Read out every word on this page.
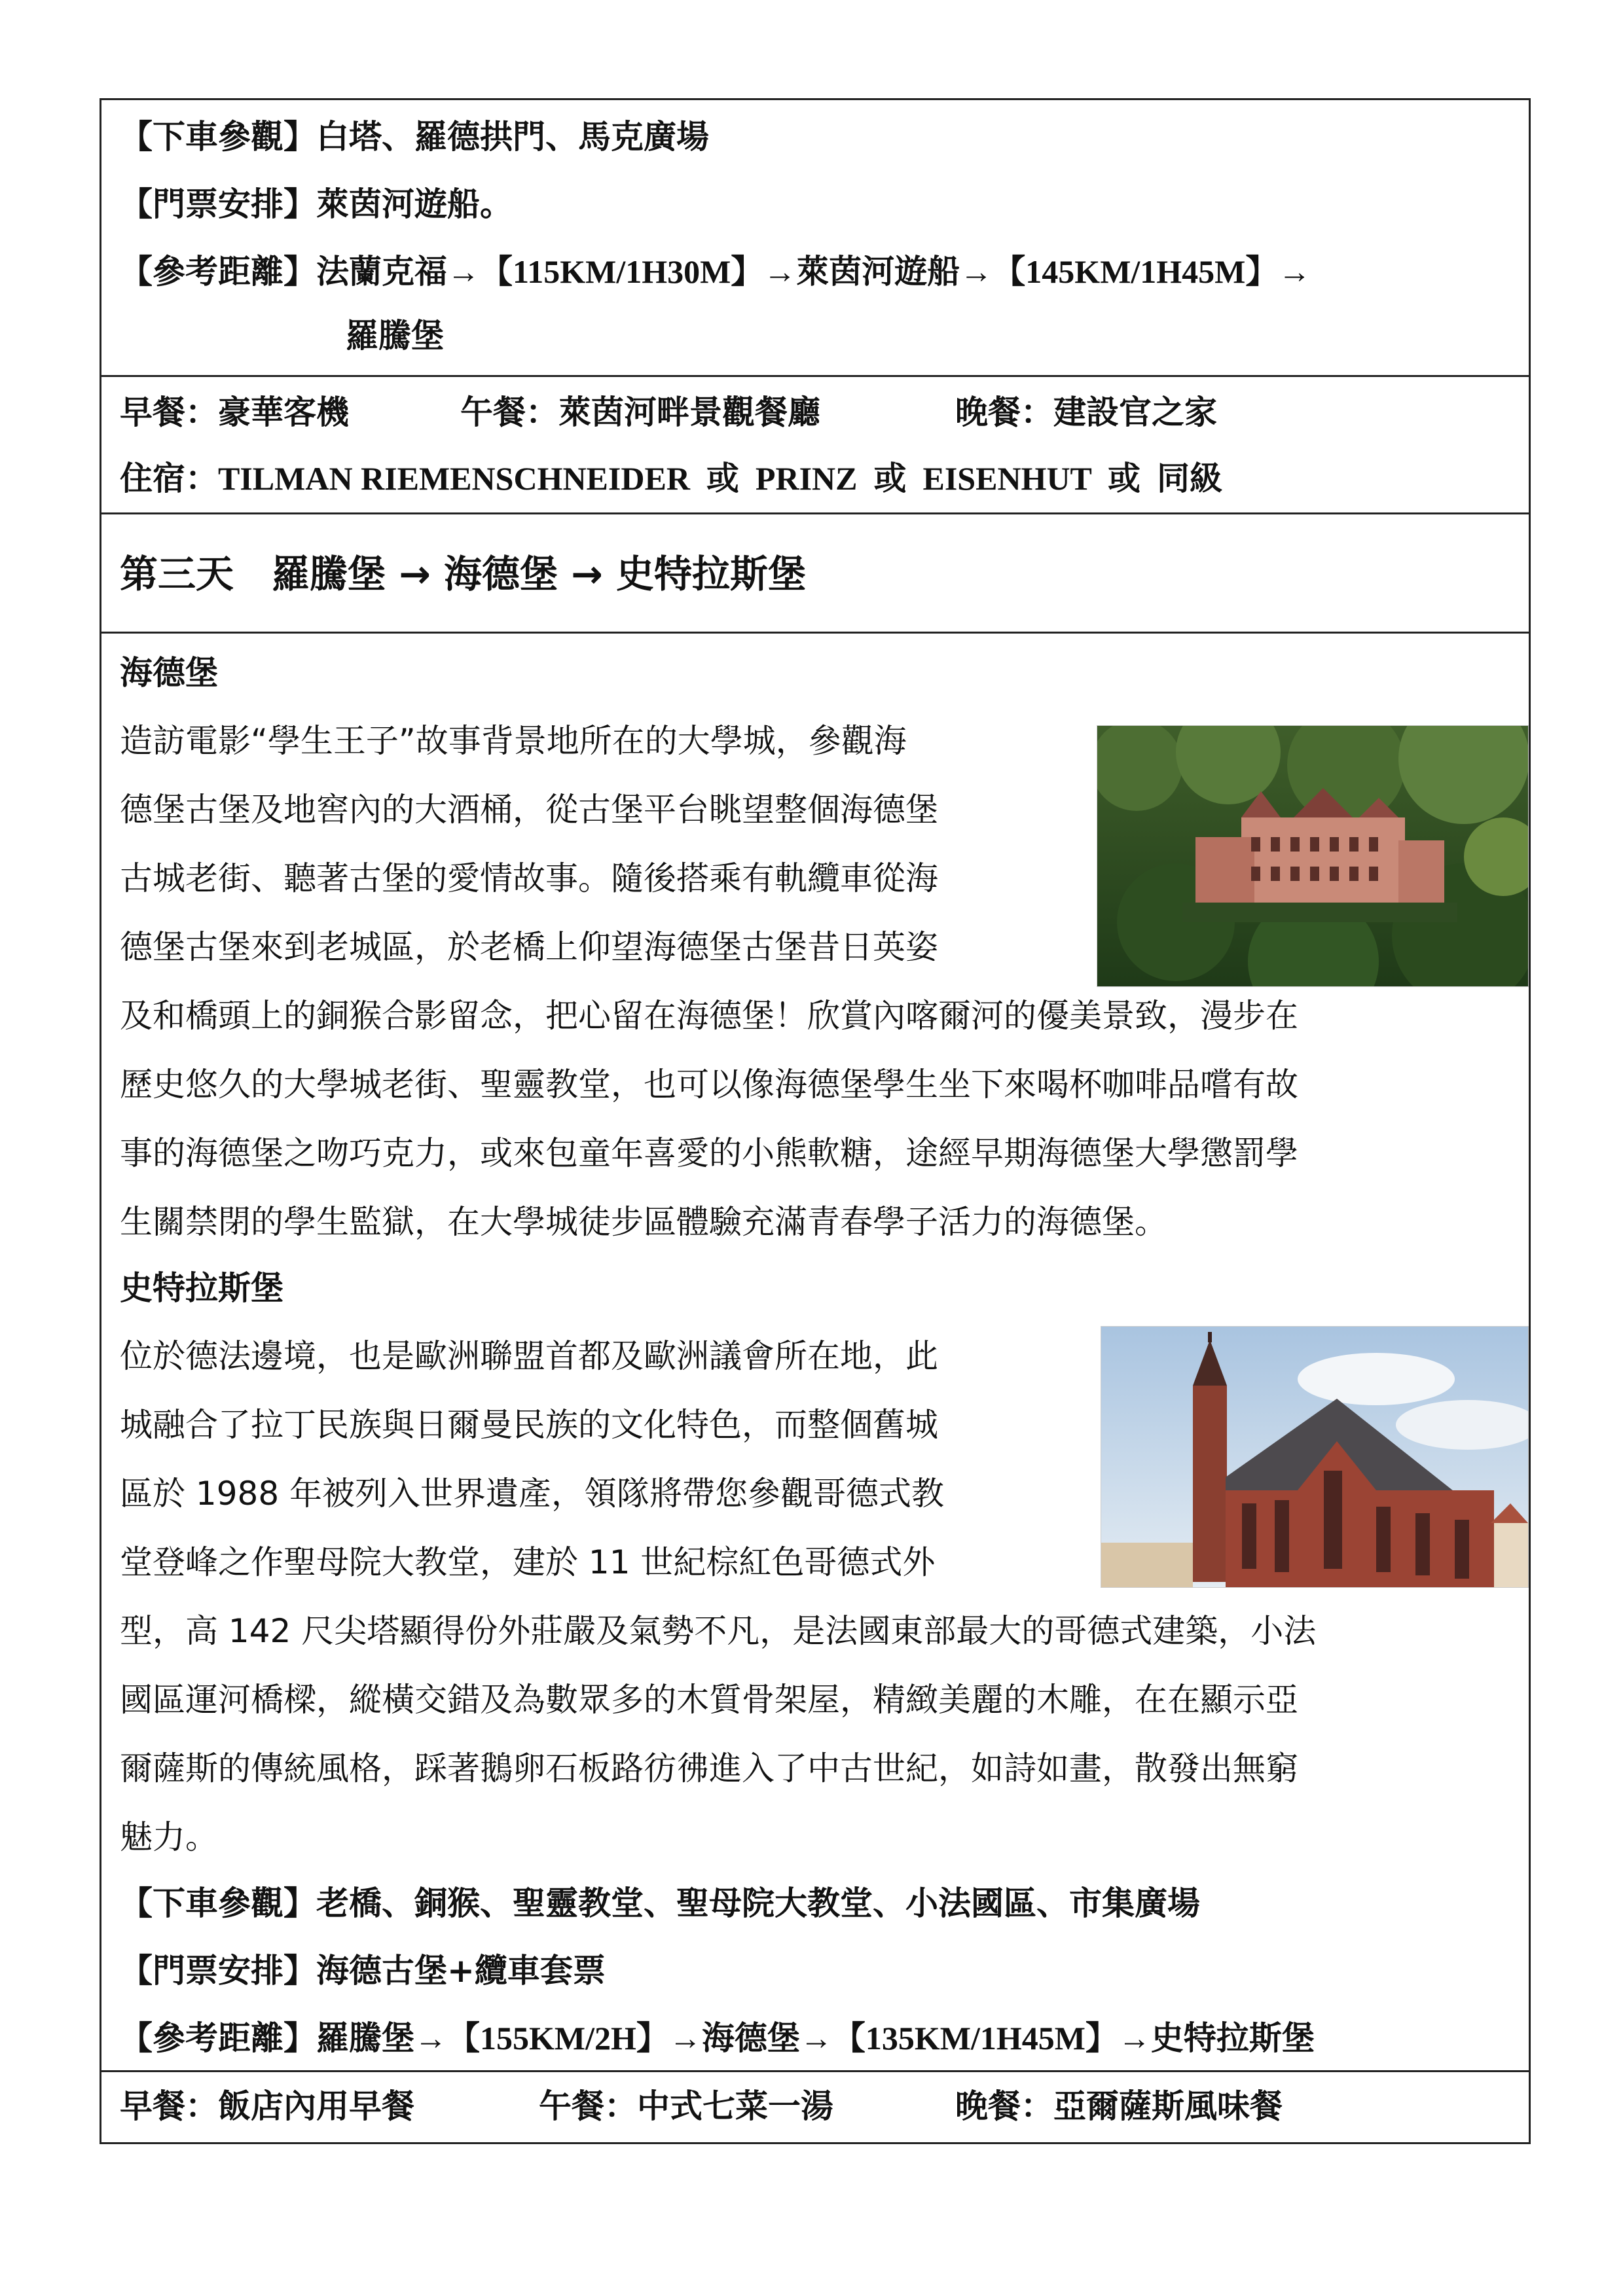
【下車參觀】白塔、羅德拱門、馬克廣場
【門票安排】萊茵河遊船。
【參考距離】法蘭克福→【115KM/1H30M】→萊茵河遊船→【145KM/1H45M】→
羅騰堡
早餐：豪華客機	午餐：萊茵河畔景觀餐廳	晚餐：建設官之家
住宿：TILMAN RIEMENSCHNEIDER  或  PRINZ  或  EISENHUT  或  同級
第三天　羅騰堡 → 海德堡 → 史特拉斯堡
海德堡
造訪電影“學生王子”故事背景地所在的大學城，參觀海
德堡古堡及地窖內的大酒桶，從古堡平台眺望整個海德堡
古城老街、聽著古堡的愛情故事。隨後搭乘有軌纜車從海
德堡古堡來到老城區，於老橋上仰望海德堡古堡昔日英姿
及和橋頭上的銅猴合影留念，把心留在海德堡！欣賞內喀爾河的優美景致，漫步在
歷史悠久的大學城老街、聖靈教堂，也可以像海德堡學生坐下來喝杯咖啡品嚐有故
事的海德堡之吻巧克力，或來包童年喜愛的小熊軟糖，途經早期海德堡大學懲罰學
生關禁閉的學生監獄，在大學城徒步區體驗充滿青春學子活力的海德堡。
史特拉斯堡
位於德法邊境，也是歐洲聯盟首都及歐洲議會所在地，此
城融合了拉丁民族與日爾曼民族的文化特色，而整個舊城
區於 1988 年被列入世界遺產，領隊將帶您參觀哥德式教
堂登峰之作聖母院大教堂，建於 11 世紀棕紅色哥德式外
型，高 142 尺尖塔顯得份外莊嚴及氣勢不凡，是法國東部最大的哥德式建築，小法
國區運河橋樑，縱橫交錯及為數眾多的木質骨架屋，精緻美麗的木雕，在在顯示亞
爾薩斯的傳統風格，踩著鵝卵石板路彷彿進入了中古世紀，如詩如畫，散發出無窮
魅力。
【下車參觀】老橋、銅猴、聖靈教堂、聖母院大教堂、小法國區、市集廣場
【門票安排】海德古堡+纜車套票
【參考距離】羅騰堡→【155KM/2H】→海德堡→【135KM/1H45M】→史特拉斯堡
早餐：飯店內用早餐	午餐：中式七菜一湯	晚餐：亞爾薩斯風味餐
